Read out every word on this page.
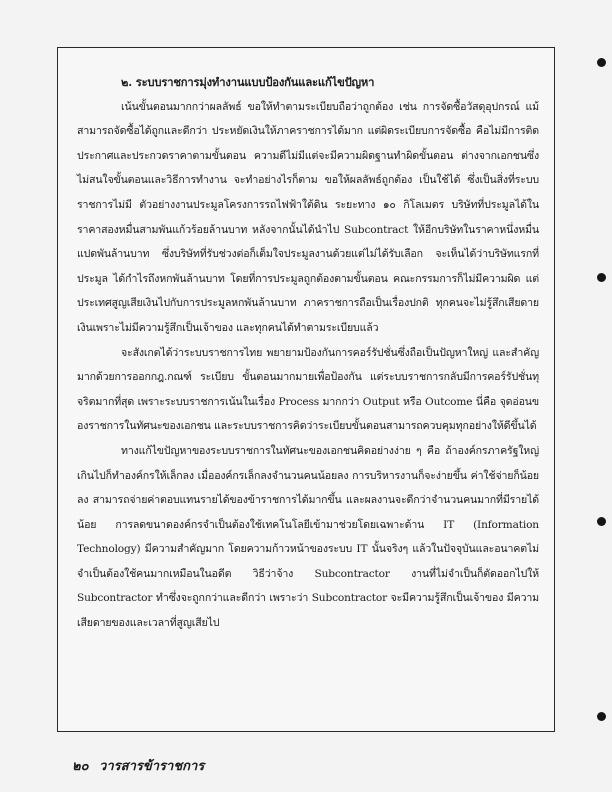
๒. ระบบราชการมุ่งทำงานแบบป้องกันและแก้ไขปัญหา

เน้นขั้นตอนมากกว่าผลลัพธ์ ขอให้ทำตามระเบียบถือว่าถูกต้อง เช่น การจัดซื้อวัสดุอุปกรณ์ แม้สามารถจัดซื้อได้ถูกและดีกว่า ประหยัดเงินให้ภาคราชการได้มาก แต่ผิดระเบียบการจัดซื้อ คือไม่มีการติดประกาศและประกวดราคาตามขั้นตอน ความดีไม่มีแต่จะมีความผิดฐานทำผิดขั้นตอน ต่างจากเอกชนซึ่งไม่สนใจขั้นตอนและวิธีการทำงาน จะทำอย่างไรก็ตาม ขอให้ผลลัพธ์ถูกต้อง เป็นใช้ได้ ซึ่งเป็นสิ่งที่ระบบราชการไม่มี ตัวอย่างงานประมูลโครงการรถไฟฟ้าใต้ดิน ระยะทาง ๑๐ กิโลเมตร บริษัทที่ประมูลได้ในราคาสองหมื่นสามพันแก้วร้อยล้านบาท หลังจากนั้นได้นำไป Subcontract ให้อีกบริษัทในราคาหนึ่งหมื่นแปดพันล้านบาท ซึ่งบริษัทที่รับช่วงต่อก็เต็มใจประมูลงานด้วยแต่ไม่ได้รับเลือก จะเห็นได้ว่าบริษัทแรกที่ประมูล ได้กำไรถึงหกพันล้านบาท โดยที่การประมูลถูกต้องตามขั้นตอน คณะกรรมการก็ไม่มีความผิด แต่ประเทศสูญเสียเงินไปกับการประมูลหกพันล้านบาท ภาคราชการถือเป็นเรื่องปกติ ทุกคนจะไม่รู้สึกเสียดายเงินเพราะไม่มีความรู้สึกเป็นเจ้าของ และทุกคนได้ทำตามระเบียบแล้ว

จะสังเกตได้ว่าระบบราชการไทย พยายามป้องกันการคอร์รัปชั่นซึ่งถือเป็นปัญหาใหญ่ และสำคัญมากด้วยการออกกฎ.กณฑ์ ระเบียบ ขั้นตอนมากมายเพื่อป้องกัน แต่ระบบราชการกลับมีการคอร์รัปชั่นทุจริตมากที่สุด เพราะระบบราชการเน้นในเรื่อง Process มากกว่า Output หรือ Outcome นี่คือ จุดอ่อนของราชการในทัศนะของเอกชน และระบบราชการคิดว่าระเบียบขั้นตอนสามารถควบคุมทุกอย่างให้ดีขึ้นได้

ทางแก้ไขปัญหาของระบบราชการในทัศนะของเอกชนคิดอย่างง่าย ๆ คือ ถ้าองค์กรภาครัฐใหญ่เกินไปก็ทำองค์กรให้เล็กลง เมื่อองค์กรเล็กลงจำนวนคนน้อยลง การบริหารงานก็จะง่ายขึ้น ค่าใช้จ่ายก็น้อยลง สามารถจ่ายค่าตอบแทนรายได้ของข้าราชการได้มากขึ้น และผลงานจะดีกว่าจำนวนคนมากที่มีรายได้น้อย การลดขนาดองค์กรจำเป็นต้องใช้เทคโนโลยีเข้ามาช่วยโดยเฉพาะด้าน IT (Information Technology) มีความสำคัญมาก โดยความก้าวหน้าของระบบ IT นั้นจริงๆ แล้วในปัจจุบันและอนาคตไม่จำเป็นต้องใช้คนมากเหมือนในอดีต วิธีว่าจ้าง Subcontractor งานที่ไม่จำเป็นก็ตัดออกไปให้ Subcontractor ทำซึ่งจะถูกกว่าและดีกว่า เพราะว่า Subcontractor จะมีความรู้สึกเป็นเจ้าของ มีความเสียดายของและเวลาที่สูญเสียไป

๒๐ วารสารข้าราชการ
